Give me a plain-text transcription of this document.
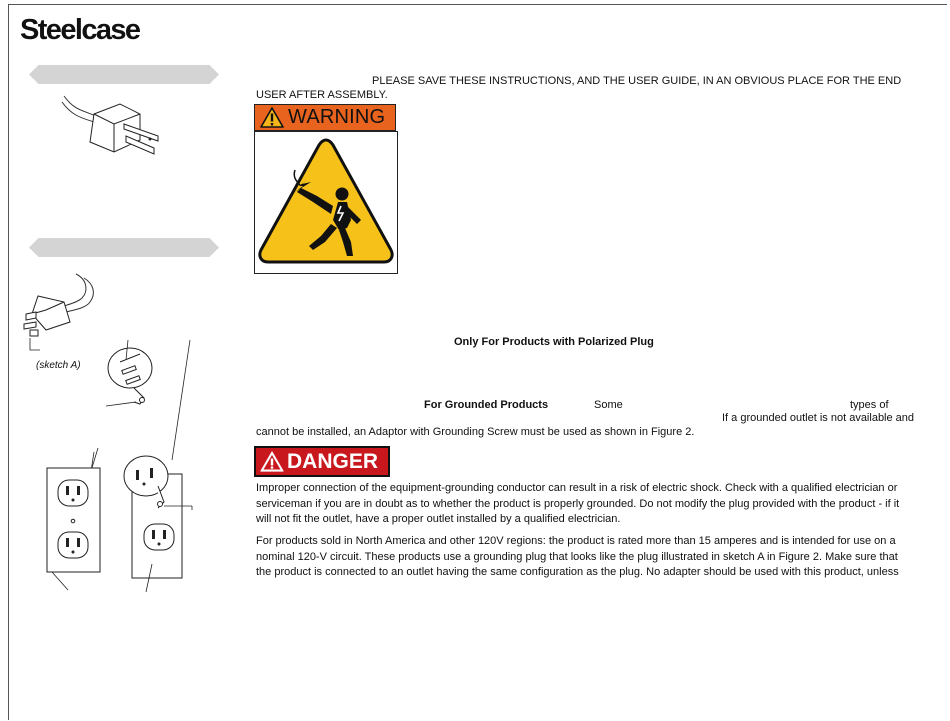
Steelcase
(sketch A)
PLEASE SAVE THESE INSTRUCTIONS, AND THE USER GUIDE, IN AN OBVIOUS PLACE FOR THE END
USER AFTER ASSEMBLY.
WARNING
Only For Products with Polarized Plug
For Grounded Products	Some	types of
If a grounded outlet is not available and
cannot be installed, an Adaptor with Grounding Screw must be used as shown in Figure 2.
DANGER
Improper connection of the equipment-grounding conductor can result in a risk of electric shock. Check with a qualified electrician or
serviceman if you are in doubt as to whether the product is properly grounded. Do not modify the plug provided with the product - if it
will not fit the outlet, have a proper outlet installed by a qualified electrician.
For products sold in North America and other 120V regions: the product is rated more than 15 amperes and is intended for use on a
nominal 120-V circuit. These products use a grounding plug that looks like the plug illustrated in sketch A in Figure 2. Make sure that
the product is connected to an outlet having the same configuration as the plug. No adapter should be used with this product, unless
